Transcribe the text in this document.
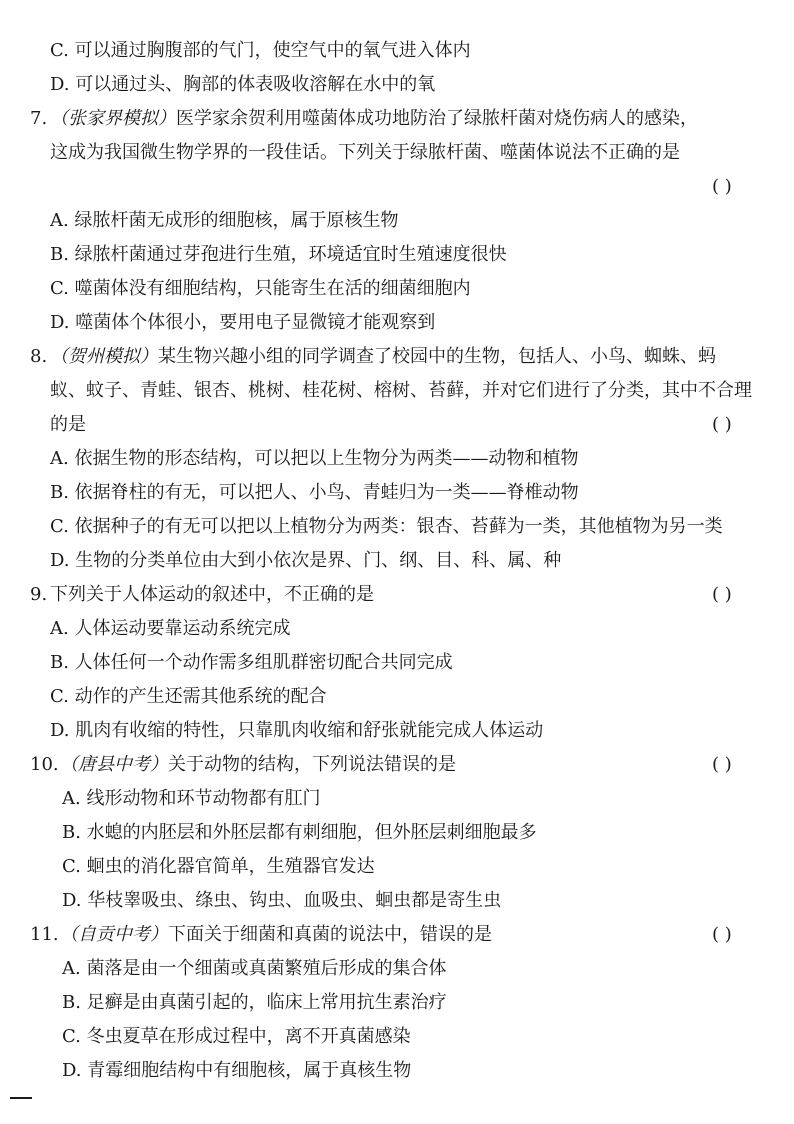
C. 可以通过胸腹部的气门，使空气中的氧气进入体内
D. 可以通过头、胸部的体表吸收溶解在水中的氧
7. （张家界模拟）医学家余贺利用噬菌体成功地防治了绿脓杆菌对烧伤病人的感染，
这成为我国微生物学界的一段佳话。下列关于绿脓杆菌、噬菌体说法不正确的是
( )
A. 绿脓杆菌无成形的细胞核，属于原核生物
B. 绿脓杆菌通过芽孢进行生殖，环境适宜时生殖速度很快
C. 噬菌体没有细胞结构，只能寄生在活的细菌细胞内
D. 噬菌体个体很小，要用电子显微镜才能观察到
8. （贺州模拟）某生物兴趣小组的同学调查了校园中的生物，包括人、小鸟、蜘蛛、蚂
蚁、蚊子、青蛙、银杏、桃树、桂花树、榕树、苔藓，并对它们进行了分类，其中不合理
的是	( )
A. 依据生物的形态结构，可以把以上生物分为两类——动物和植物
B. 依据脊柱的有无，可以把人、小鸟、青蛙归为一类——脊椎动物
C. 依据种子的有无可以把以上植物分为两类：银杏、苔藓为一类，其他植物为另一类
D. 生物的分类单位由大到小依次是界、门、纲、目、科、属、种
9. 下列关于人体运动的叙述中，不正确的是	( )
A. 人体运动要靠运动系统完成
B. 人体任何一个动作需多组肌群密切配合共同完成
C. 动作的产生还需其他系统的配合
D. 肌肉有收缩的特性，只靠肌肉收缩和舒张就能完成人体运动
10. （唐县中考）关于动物的结构，下列说法错误的是	( )
A. 线形动物和环节动物都有肛门
B. 水螅的内胚层和外胚层都有刺细胞，但外胚层刺细胞最多
C. 蛔虫的消化器官简单，生殖器官发达
D. 华枝睾吸虫、绦虫、钩虫、血吸虫、蛔虫都是寄生虫
11. （自贡中考）下面关于细菌和真菌的说法中，错误的是	( )
A. 菌落是由一个细菌或真菌繁殖后形成的集合体
B. 足癣是由真菌引起的，临床上常用抗生素治疗
C. 冬虫夏草在形成过程中，离不开真菌感染
D. 青霉细胞结构中有细胞核，属于真核生物
